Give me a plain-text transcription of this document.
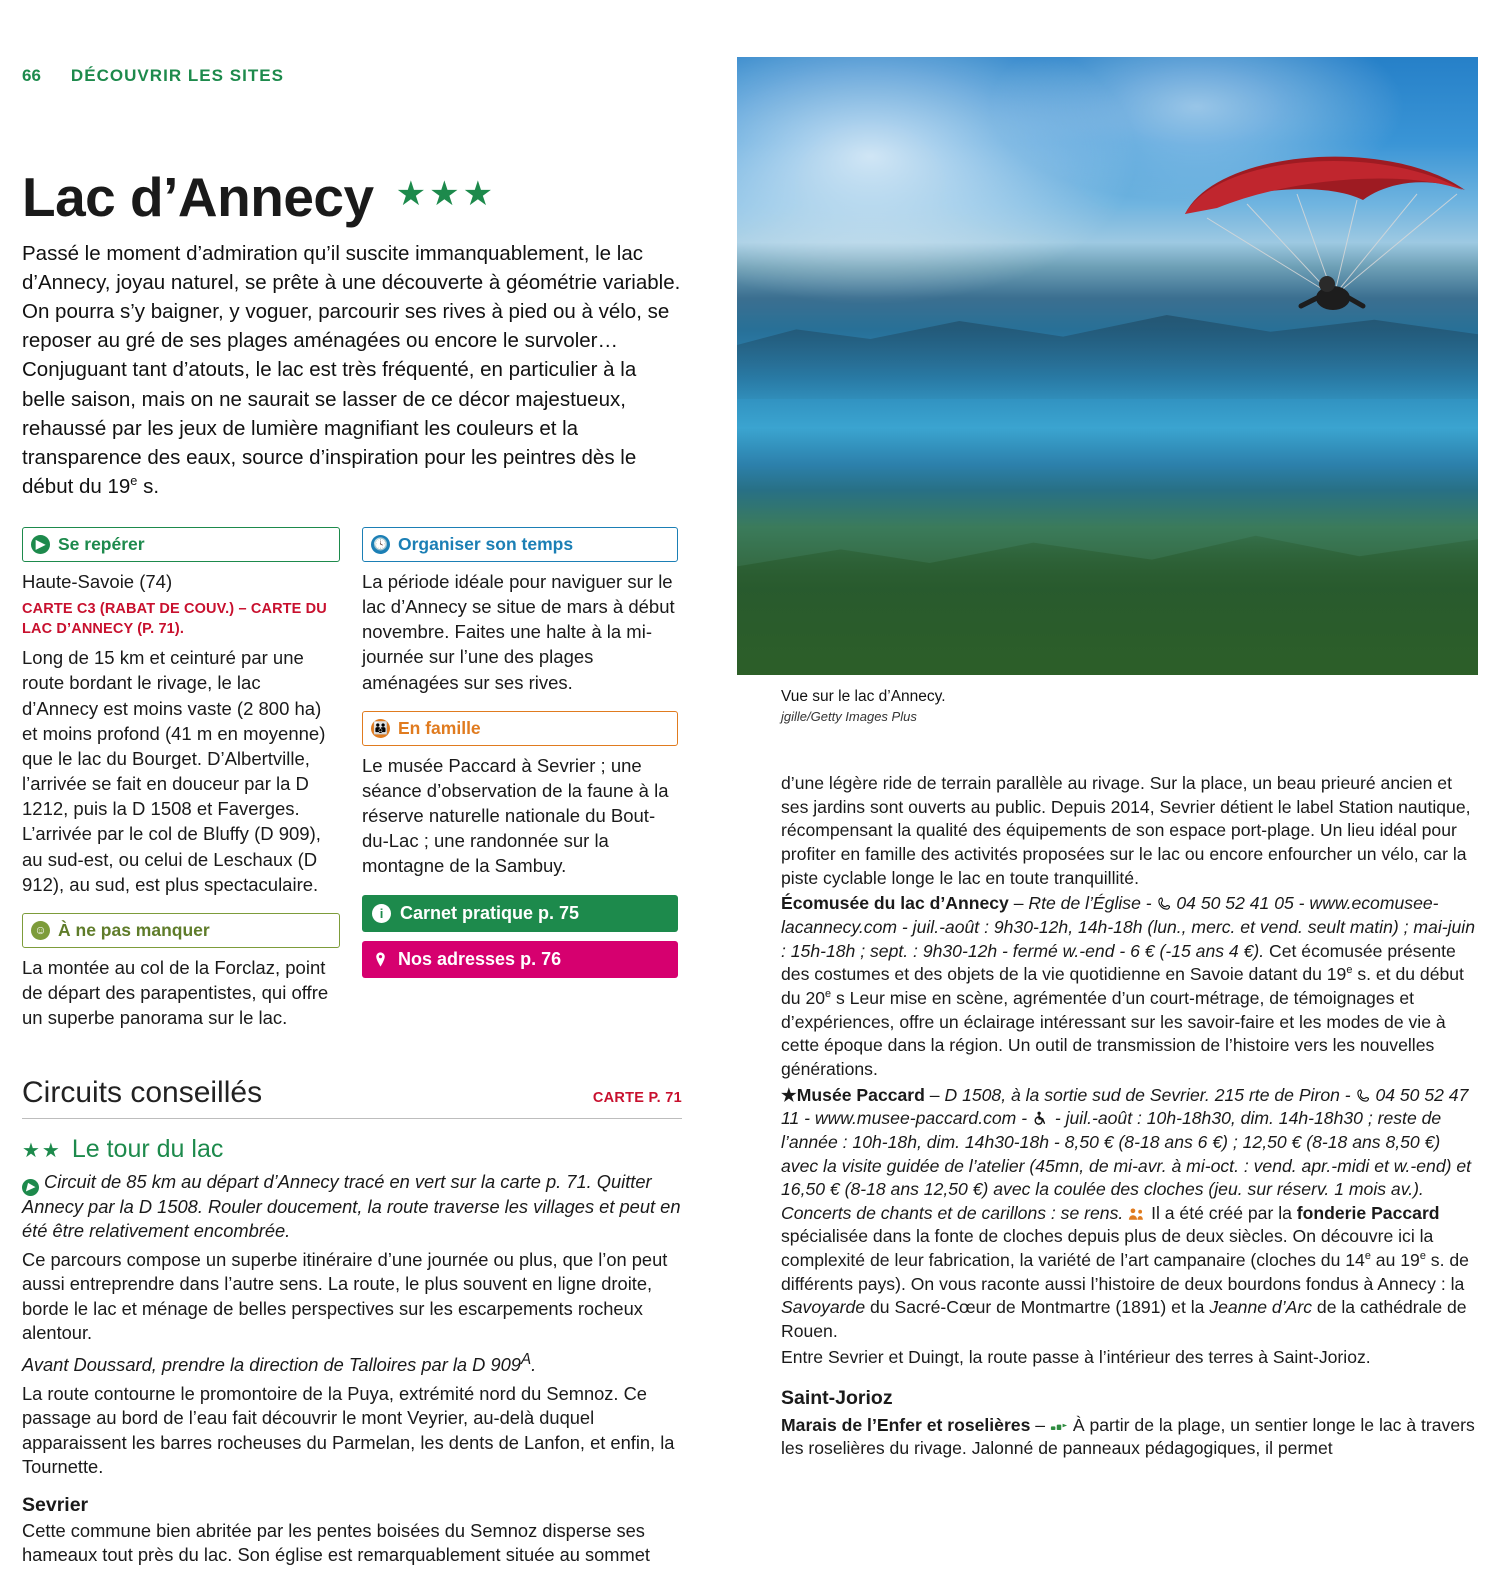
66 DÉCOUVRIR LES SITES
Lac d’Annecy ★★★

Passé le moment d’admiration qu’il suscite immanquablement, le lac d’Annecy, joyau naturel, se prête à une découverte à géométrie variable. On pourra s’y baigner, y voguer, parcourir ses rives à pied ou à vélo, se reposer au gré de ses plages aménagées ou encore le survoler… Conjuguant tant d’atouts, le lac est très fréquenté, en particulier à la belle saison, mais on ne saurait se lasser de ce décor majestueux, rehaussé par les jeux de lumière magnifiant les couleurs et la transparence des eaux, source d’inspiration pour les peintres dès le début du 19e s.

▶ Se repérer

Haute-Savoie (74)

CARTE C3 (RABAT DE COUV.) – CARTE DU LAC D’ANNECY (P. 71).

Long de 15 km et ceinturé par une route bordant le rivage, le lac d’Annecy est moins vaste (2 800 ha) et moins profond (41 m en moyenne) que le lac du Bourget. D’Albertville, l’arrivée se fait en douceur par la D 1212, puis la D 1508 et Faverges. L’arrivée par le col de Bluffy (D 909), au sud-est, ou celui de Leschaux (D 912), au sud, est plus spectaculaire.

☺ À ne pas manquer

La montée au col de la Forclaz, point de départ des parapentistes, qui offre un superbe panorama sur le lac.

🕓 Organiser son temps

La période idéale pour naviguer sur le lac d’Annecy se situe de mars à début novembre. Faites une halte à la mi-journée sur l’une des plages aménagées sur ses rives.

👪 En famille

Le musée Paccard à Sevrier ; une séance d’observation de la faune à la réserve naturelle nationale du Bout-du-Lac ; une randonnée sur la montagne de la Sambuy.

i Carnet pratique p. 75
Nos adresses p. 76
Circuits conseillés	CARTE P. 71
★★ Le tour du lac

▶ Circuit de 85 km au départ d’Annecy tracé en vert sur la carte p. 71. Quitter Annecy par la D 1508. Rouler doucement, la route traverse les villages et peut en été être relativement encombrée.

Ce parcours compose un superbe itinéraire d’une journée ou plus, que l’on peut aussi entreprendre dans l’autre sens. La route, le plus souvent en ligne droite, borde le lac et ménage de belles perspectives sur les escarpements rocheux alentour.

Avant Doussard, prendre la direction de Talloires par la D $909^A$.

La route contourne le promontoire de la Puya, extrémité nord du Semnoz. Ce passage au bord de l’eau fait découvrir le mont Veyrier, au-delà duquel apparaissent les barres rocheuses du Parmelan, les dents de Lanfon, et enfin, la Tournette.

Sevrier

Cette commune bien abritée par les pentes boisées du Semnoz disperse ses hameaux tout près du lac. Son église est remarquablement située au sommet

Vue sur le lac d’Annecy.
jgille/Getty Images Plus

d’une légère ride de terrain parallèle au rivage. Sur la place, un beau prieuré ancien et ses jardins sont ouverts au public. Depuis 2014, Sevrier détient le label Station nautique, récompensant la qualité des équipements de son espace port-plage. Un lieu idéal pour profiter en famille des activités proposées sur le lac ou encore enfourcher un vélo, car la piste cyclable longe le lac en toute tranquillité.

Écomusée du lac d’Annecy – Rte de l’Église - 04 50 52 41 05 - www.ecomusee-lacannecy.com - juil.-août : 9h30-12h, 14h-18h (lun., merc. et vend. seult matin) ; mai-juin : 15h-18h ; sept. : 9h30-12h - fermé w.-end - 6 € (-15 ans 4 €). Cet écomusée présente des costumes et des objets de la vie quotidienne en Savoie datant du 19e s. et du début du 20e s Leur mise en scène, agrémentée d’un court-métrage, de témoignages et d’expériences, offre un éclairage intéressant sur les savoir-faire et les modes de vie à cette époque dans la région. Un outil de transmission de l’histoire vers les nouvelles générations.

★Musée Paccard – D 1508, à la sortie sud de Sevrier. 215 rte de Piron - 04 50 52 47 11 - www.musee-paccard.com - - juil.-août : 10h-18h30, dim. 14h-18h30 ; reste de l’année : 10h-18h, dim. 14h30-18h - 8,50 € (8-18 ans 6 €) ; 12,50 € (8-18 ans 8,50 €) avec la visite guidée de l’atelier (45mn, de mi-avr. à mi-oct. : vend. apr.-midi et w.-end) et 16,50 € (8-18 ans 12,50 €) avec la coulée des cloches (jeu. sur réserv. 1 mois av.). Concerts de chants et de carillons : se rens. Il a été créé par la fonderie Paccard spécialisée dans la fonte de cloches depuis plus de deux siècles. On découvre ici la complexité de leur fabrication, la variété de l’art campanaire (cloches du 14e au 19e s. de différents pays). On vous raconte aussi l’histoire de deux bourdons fondus à Annecy : la Savoyarde du Sacré-Cœur de Montmartre (1891) et la Jeanne d’Arc de la cathédrale de Rouen.

Entre Sevrier et Duingt, la route passe à l’intérieur des terres à Saint-Jorioz.

Saint-Jorioz

Marais de l’Enfer et roselières –  À partir de la plage, un sentier longe le lac à travers les roselières du rivage. Jalonné de panneaux pédagogiques, il permet
